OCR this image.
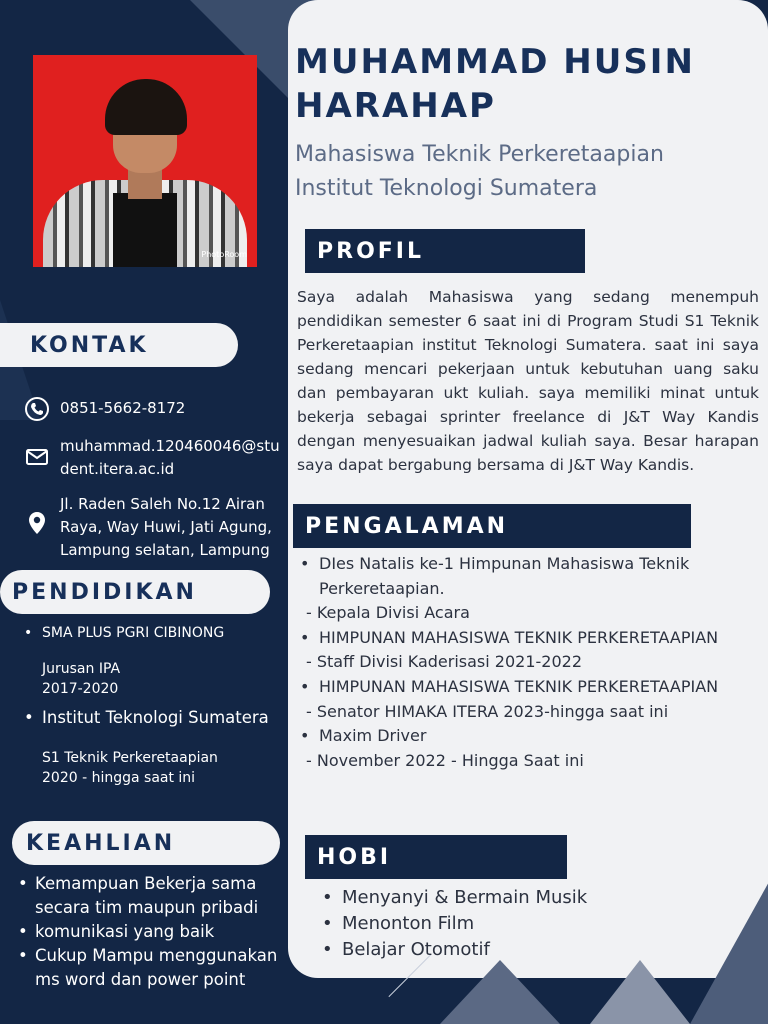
PhotoRoom
MUHAMMAD HUSIN HARAHAP
Mahasiswa Teknik Perkeretaapian
Institut Teknologi Sumatera
PROFIL
Saya adalah Mahasiswa yang sedang menempuh pendidikan semester 6 saat ini di Program Studi S1 Teknik Perkeretaapian institut Teknologi Sumatera. saat ini saya sedang mencari pekerjaan untuk kebutuhan uang saku dan pembayaran ukt kuliah. saya memiliki minat untuk bekerja sebagai sprinter freelance di J&T Way Kandis dengan menyesuaikan jadwal kuliah saya. Besar harapan saya dapat bergabung bersama di J&T Way Kandis.
PENGALAMAN
• DIes Natalis ke-1 Himpunan Mahasiswa Teknik Perkeretaapian.
- Kepala Divisi Acara
• HIMPUNAN MAHASISWA TEKNIK PERKERETAAPIAN
- Staff Divisi Kaderisasi 2021-2022
• HIMPUNAN MAHASISWA TEKNIK PERKERETAAPIAN
- Senator HIMAKA ITERA 2023-hingga saat ini
• Maxim Driver
- November 2022 - Hingga Saat ini
HOBI
• Menyanyi & Bermain Musik
• Menonton Film
• Belajar Otomotif
KONTAK
0851-5662-8172
muhammad.120460046@stu
dent.itera.ac.id
Jl. Raden Saleh No.12 Airan
Raya, Way Huwi, Jati Agung,
Lampung selatan, Lampung
PENDIDIKAN
• SMA PLUS PGRI CIBINONG
Jurusan IPA
2017-2020
• Institut Teknologi Sumatera
S1 Teknik Perkeretaapian
2020 - hingga saat ini
KEAHLIAN
• Kemampuan Bekerja sama secara tim maupun pribadi
• komunikasi yang baik
• Cukup Mampu menggunakan ms word dan power point
